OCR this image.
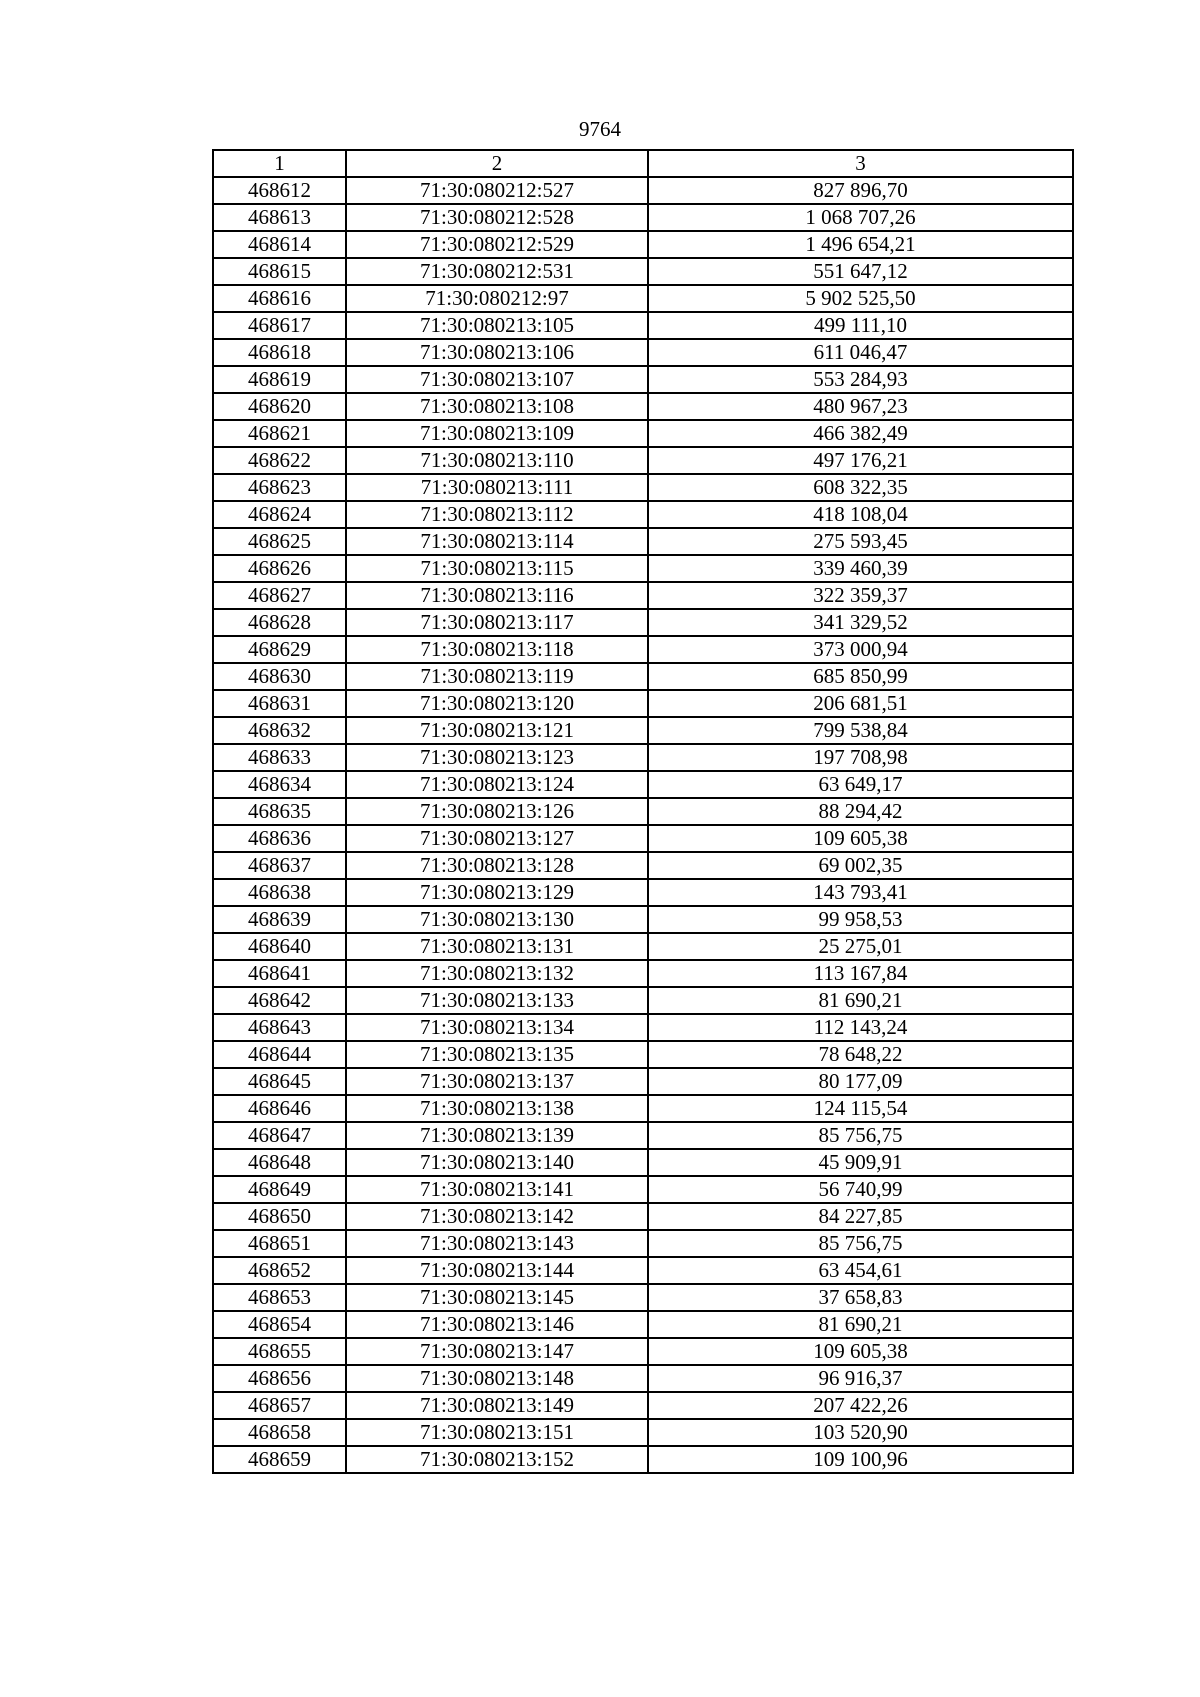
9764
1	2	3
468612	71:30:080212:527	827 896,70
468613	71:30:080212:528	1 068 707,26
468614	71:30:080212:529	1 496 654,21
468615	71:30:080212:531	551 647,12
468616	71:30:080212:97	5 902 525,50
468617	71:30:080213:105	499 111,10
468618	71:30:080213:106	611 046,47
468619	71:30:080213:107	553 284,93
468620	71:30:080213:108	480 967,23
468621	71:30:080213:109	466 382,49
468622	71:30:080213:110	497 176,21
468623	71:30:080213:111	608 322,35
468624	71:30:080213:112	418 108,04
468625	71:30:080213:114	275 593,45
468626	71:30:080213:115	339 460,39
468627	71:30:080213:116	322 359,37
468628	71:30:080213:117	341 329,52
468629	71:30:080213:118	373 000,94
468630	71:30:080213:119	685 850,99
468631	71:30:080213:120	206 681,51
468632	71:30:080213:121	799 538,84
468633	71:30:080213:123	197 708,98
468634	71:30:080213:124	63 649,17
468635	71:30:080213:126	88 294,42
468636	71:30:080213:127	109 605,38
468637	71:30:080213:128	69 002,35
468638	71:30:080213:129	143 793,41
468639	71:30:080213:130	99 958,53
468640	71:30:080213:131	25 275,01
468641	71:30:080213:132	113 167,84
468642	71:30:080213:133	81 690,21
468643	71:30:080213:134	112 143,24
468644	71:30:080213:135	78 648,22
468645	71:30:080213:137	80 177,09
468646	71:30:080213:138	124 115,54
468647	71:30:080213:139	85 756,75
468648	71:30:080213:140	45 909,91
468649	71:30:080213:141	56 740,99
468650	71:30:080213:142	84 227,85
468651	71:30:080213:143	85 756,75
468652	71:30:080213:144	63 454,61
468653	71:30:080213:145	37 658,83
468654	71:30:080213:146	81 690,21
468655	71:30:080213:147	109 605,38
468656	71:30:080213:148	96 916,37
468657	71:30:080213:149	207 422,26
468658	71:30:080213:151	103 520,90
468659	71:30:080213:152	109 100,96
